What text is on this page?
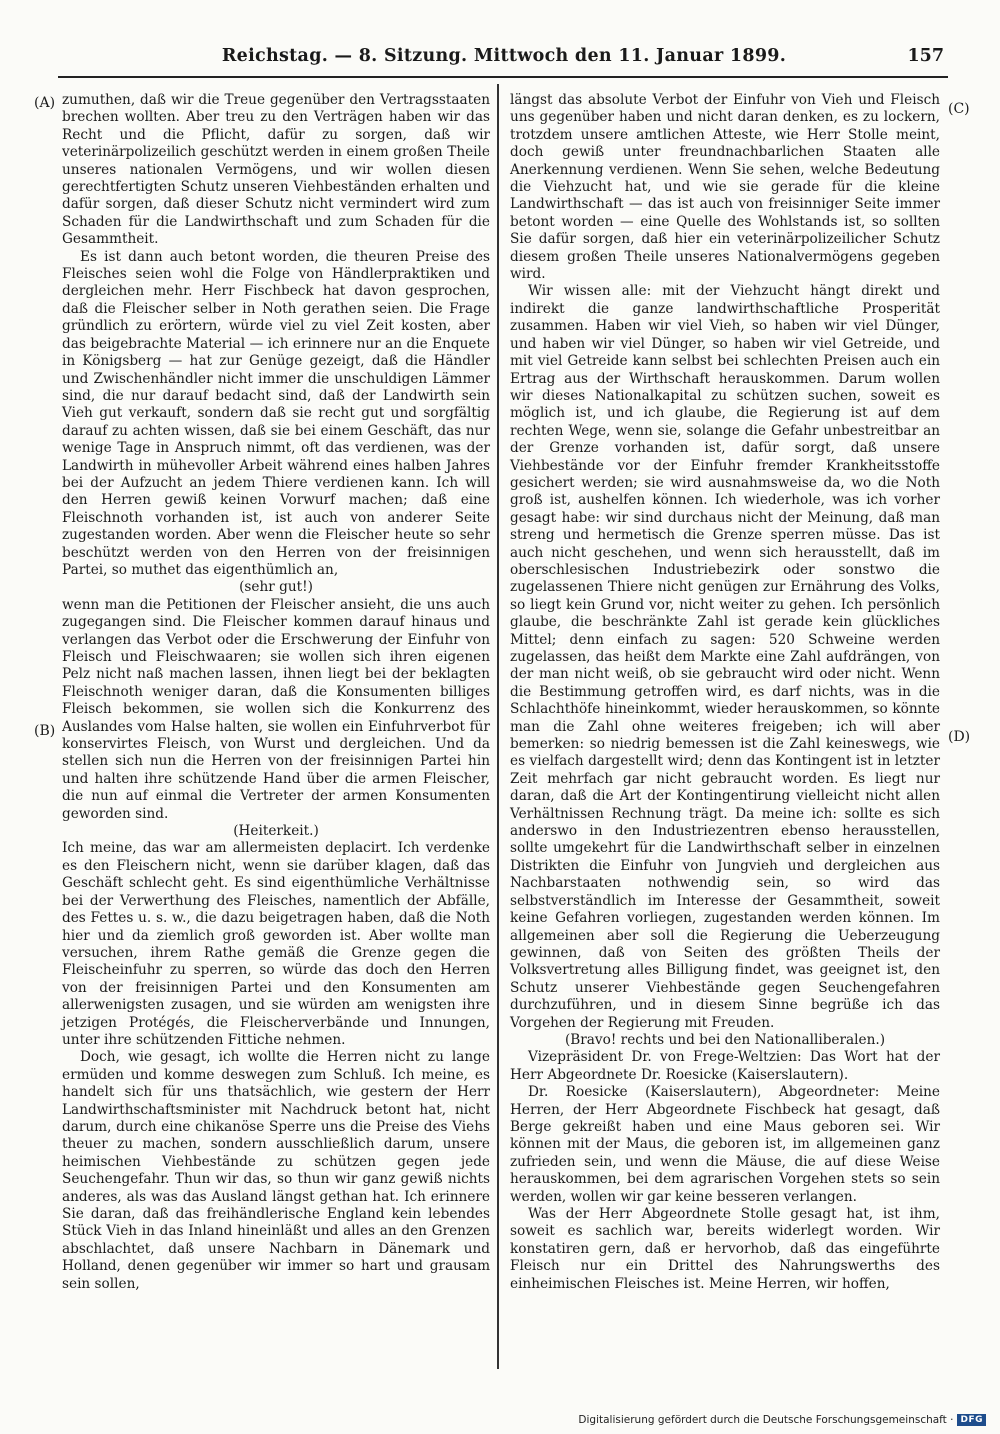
Reichstag. — 8. Sitzung. Mittwoch den 11. Januar 1899.	157
(A)
(B)
(C)
(D)

zumuthen, daß wir die Treue gegenüber den Vertragsstaaten brechen wollten. Aber treu zu den Verträgen haben wir das Recht und die Pflicht, dafür zu sorgen, daß wir veterinärpolizeilich geschützt werden in einem großen Theile unseres nationalen Vermögens, und wir wollen diesen gerechtfertigten Schutz unseren Viehbeständen erhalten und dafür sorgen, daß dieser Schutz nicht vermindert wird zum Schaden für die Landwirthschaft und zum Schaden für die Gesammtheit.

Es ist dann auch betont worden, die theuren Preise des Fleisches seien wohl die Folge von Händlerpraktiken und dergleichen mehr. Herr Fischbeck hat davon gesprochen, daß die Fleischer selber in Noth gerathen seien. Die Frage gründlich zu erörtern, würde viel zu viel Zeit kosten, aber das beigebrachte Material — ich erinnere nur an die Enquete in Königsberg — hat zur Genüge gezeigt, daß die Händler und Zwischenhändler nicht immer die unschuldigen Lämmer sind, die nur darauf bedacht sind, daß der Landwirth sein Vieh gut verkauft, sondern daß sie recht gut und sorgfältig darauf zu achten wissen, daß sie bei einem Geschäft, das nur wenige Tage in Anspruch nimmt, oft das verdienen, was der Landwirth in mühevoller Arbeit während eines halben Jahres bei der Aufzucht an jedem Thiere verdienen kann. Ich will den Herren gewiß keinen Vorwurf machen; daß eine Fleischnoth vorhanden ist, ist auch von anderer Seite zugestanden worden. Aber wenn die Fleischer heute so sehr beschützt werden von den Herren von der freisinnigen Partei, so muthet das eigenthümlich an,

(sehr gut!)

wenn man die Petitionen der Fleischer ansieht, die uns auch zugegangen sind. Die Fleischer kommen darauf hinaus und verlangen das Verbot oder die Erschwerung der Einfuhr von Fleisch und Fleischwaaren; sie wollen sich ihren eigenen Pelz nicht naß machen lassen, ihnen liegt bei der beklagten Fleischnoth weniger daran, daß die Konsumenten billiges Fleisch bekommen, sie wollen sich die Konkurrenz des Auslandes vom Halse halten, sie wollen ein Einfuhrverbot für konservirtes Fleisch, von Wurst und dergleichen. Und da stellen sich nun die Herren von der freisinnigen Partei hin und halten ihre schützende Hand über die armen Fleischer, die nun auf einmal die Vertreter der armen Konsumenten geworden sind.

(Heiterkeit.)

Ich meine, das war am allermeisten deplacirt. Ich verdenke es den Fleischern nicht, wenn sie darüber klagen, daß das Geschäft schlecht geht. Es sind eigenthümliche Verhältnisse bei der Verwerthung des Fleisches, namentlich der Abfälle, des Fettes u. s. w., die dazu beigetragen haben, daß die Noth hier und da ziemlich groß geworden ist. Aber wollte man versuchen, ihrem Rathe gemäß die Grenze gegen die Fleischeinfuhr zu sperren, so würde das doch den Herren von der freisinnigen Partei und den Konsumenten am allerwenigsten zusagen, und sie würden am wenigsten ihre jetzigen Protégés, die Fleischerverbände und Innungen, unter ihre schützenden Fittiche nehmen.

Doch, wie gesagt, ich wollte die Herren nicht zu lange ermüden und komme deswegen zum Schluß. Ich meine, es handelt sich für uns thatsächlich, wie gestern der Herr Landwirthschaftsminister mit Nachdruck betont hat, nicht darum, durch eine chikanöse Sperre uns die Preise des Viehs theuer zu machen, sondern ausschließlich darum, unsere heimischen Viehbestände zu schützen gegen jede Seuchengefahr. Thun wir das, so thun wir ganz gewiß nichts anderes, als was das Ausland längst gethan hat. Ich erinnere Sie daran, daß das freihändlerische England kein lebendes Stück Vieh in das Inland hineinläßt und alles an den Grenzen abschlachtet, daß unsere Nachbarn in Dänemark und Holland, denen gegenüber wir immer so hart und grausam sein sollen,

längst das absolute Verbot der Einfuhr von Vieh und Fleisch uns gegenüber haben und nicht daran denken, es zu lockern, trotzdem unsere amtlichen Atteste, wie Herr Stolle meint, doch gewiß unter freundnachbarlichen Staaten alle Anerkennung verdienen. Wenn Sie sehen, welche Bedeutung die Viehzucht hat, und wie sie gerade für die kleine Landwirthschaft — das ist auch von freisinniger Seite immer betont worden — eine Quelle des Wohlstands ist, so sollten Sie dafür sorgen, daß hier ein veterinärpolizeilicher Schutz diesem großen Theile unseres Nationalvermögens gegeben wird.

Wir wissen alle: mit der Viehzucht hängt direkt und indirekt die ganze landwirthschaftliche Prosperität zusammen. Haben wir viel Vieh, so haben wir viel Dünger, und haben wir viel Dünger, so haben wir viel Getreide, und mit viel Getreide kann selbst bei schlechten Preisen auch ein Ertrag aus der Wirthschaft herauskommen. Darum wollen wir dieses Nationalkapital zu schützen suchen, soweit es möglich ist, und ich glaube, die Regierung ist auf dem rechten Wege, wenn sie, solange die Gefahr unbestreitbar an der Grenze vorhanden ist, dafür sorgt, daß unsere Viehbestände vor der Einfuhr fremder Krankheitsstoffe gesichert werden; sie wird ausnahmsweise da, wo die Noth groß ist, aushelfen können. Ich wiederhole, was ich vorher gesagt habe: wir sind durchaus nicht der Meinung, daß man streng und hermetisch die Grenze sperren müsse. Das ist auch nicht geschehen, und wenn sich herausstellt, daß im oberschlesischen Industriebezirk oder sonstwo die zugelassenen Thiere nicht genügen zur Ernährung des Volks, so liegt kein Grund vor, nicht weiter zu gehen. Ich persönlich glaube, die beschränkte Zahl ist gerade kein glückliches Mittel; denn einfach zu sagen: 520 Schweine werden zugelassen, das heißt dem Markte eine Zahl aufdrängen, von der man nicht weiß, ob sie gebraucht wird oder nicht. Wenn die Bestimmung getroffen wird, es darf nichts, was in die Schlachthöfe hineinkommt, wieder herauskommen, so könnte man die Zahl ohne weiteres freigeben; ich will aber bemerken: so niedrig bemessen ist die Zahl keineswegs, wie es vielfach dargestellt wird; denn das Kontingent ist in letzter Zeit mehrfach gar nicht gebraucht worden. Es liegt nur daran, daß die Art der Kontingentirung vielleicht nicht allen Verhältnissen Rechnung trägt. Da meine ich: sollte es sich anderswo in den Industriezentren ebenso herausstellen, sollte umgekehrt für die Landwirthschaft selber in einzelnen Distrikten die Einfuhr von Jungvieh und dergleichen aus Nachbarstaaten nothwendig sein, so wird das selbstverständlich im Interesse der Gesammtheit, soweit keine Gefahren vorliegen, zugestanden werden können. Im allgemeinen aber soll die Regierung die Ueberzeugung gewinnen, daß von Seiten des größten Theils der Volksvertretung alles Billigung findet, was geeignet ist, den Schutz unserer Viehbestände gegen Seuchengefahren durchzuführen, und in diesem Sinne begrüße ich das Vorgehen der Regierung mit Freuden.

(Bravo! rechts und bei den Nationalliberalen.)

Vizepräsident Dr. von Frege-Weltzien: Das Wort hat der Herr Abgeordnete Dr. Roesicke (Kaiserslautern).

Dr. Roesicke (Kaiserslautern), Abgeordneter: Meine Herren, der Herr Abgeordnete Fischbeck hat gesagt, daß Berge gekreißt haben und eine Maus geboren sei. Wir können mit der Maus, die geboren ist, im allgemeinen ganz zufrieden sein, und wenn die Mäuse, die auf diese Weise herauskommen, bei dem agrarischen Vorgehen stets so sein werden, wollen wir gar keine besseren verlangen.

Was der Herr Abgeordnete Stolle gesagt hat, ist ihm, soweit es sachlich war, bereits widerlegt worden. Wir konstatiren gern, daß er hervorhob, daß das eingeführte Fleisch nur ein Drittel des Nahrungswerths des einheimischen Fleisches ist. Meine Herren, wir hoffen,

Digitalisierung gefördert durch die Deutsche Forschungsgemeinschaft · DFG
